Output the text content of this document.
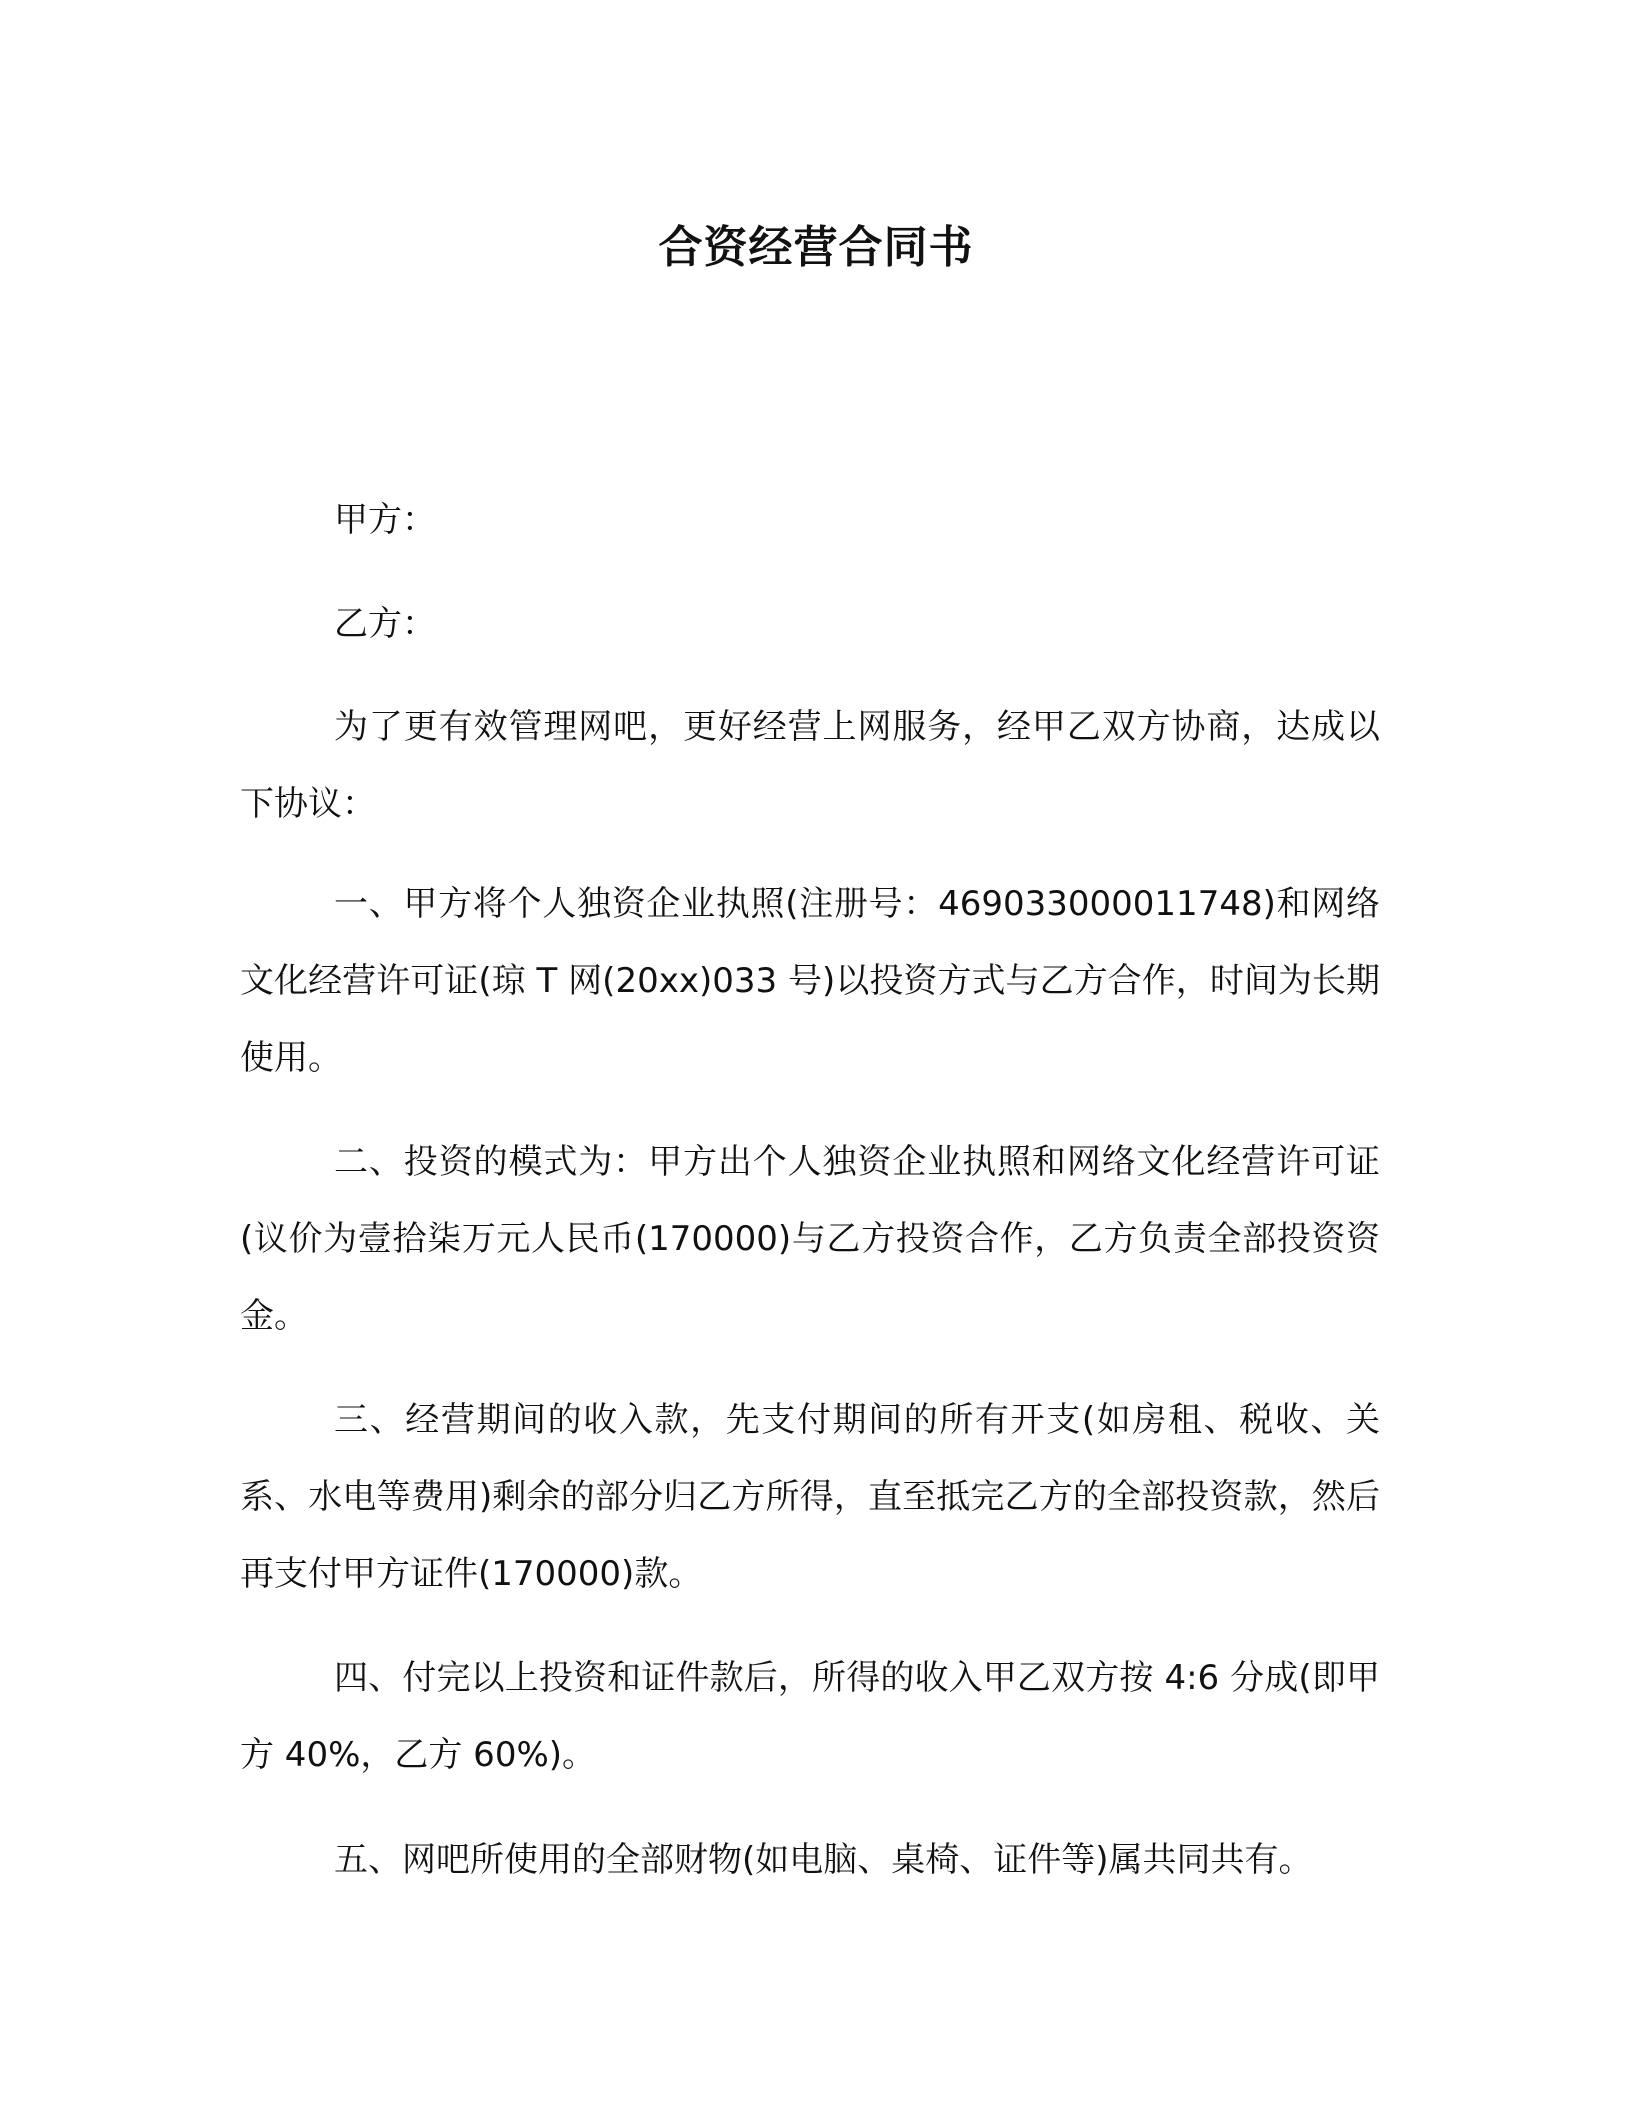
合资经营合同书

甲方：

乙方：

为了更有效管理网吧，更好经营上网服务，经甲乙双方协商，达成以下协议：

一、甲方将个人独资企业执照(注册号：469033000011748)和网络文化经营许可证(琼 T 网(20xx)033 号)以投资方式与乙方合作，时间为长期使用。

二、投资的模式为：甲方出个人独资企业执照和网络文化经营许可证(议价为壹拾柒万元人民币(170000)与乙方投资合作，乙方负责全部投资资金。

三、经营期间的收入款，先支付期间的所有开支(如房租、税收、关系、水电等费用)剩余的部分归乙方所得，直至抵完乙方的全部投资款，然后再支付甲方证件(170000)款。

四、付完以上投资和证件款后，所得的收入甲乙双方按 4:6 分成(即甲方 40%，乙方 60%)。

五、网吧所使用的全部财物(如电脑、桌椅、证件等)属共同共有。
